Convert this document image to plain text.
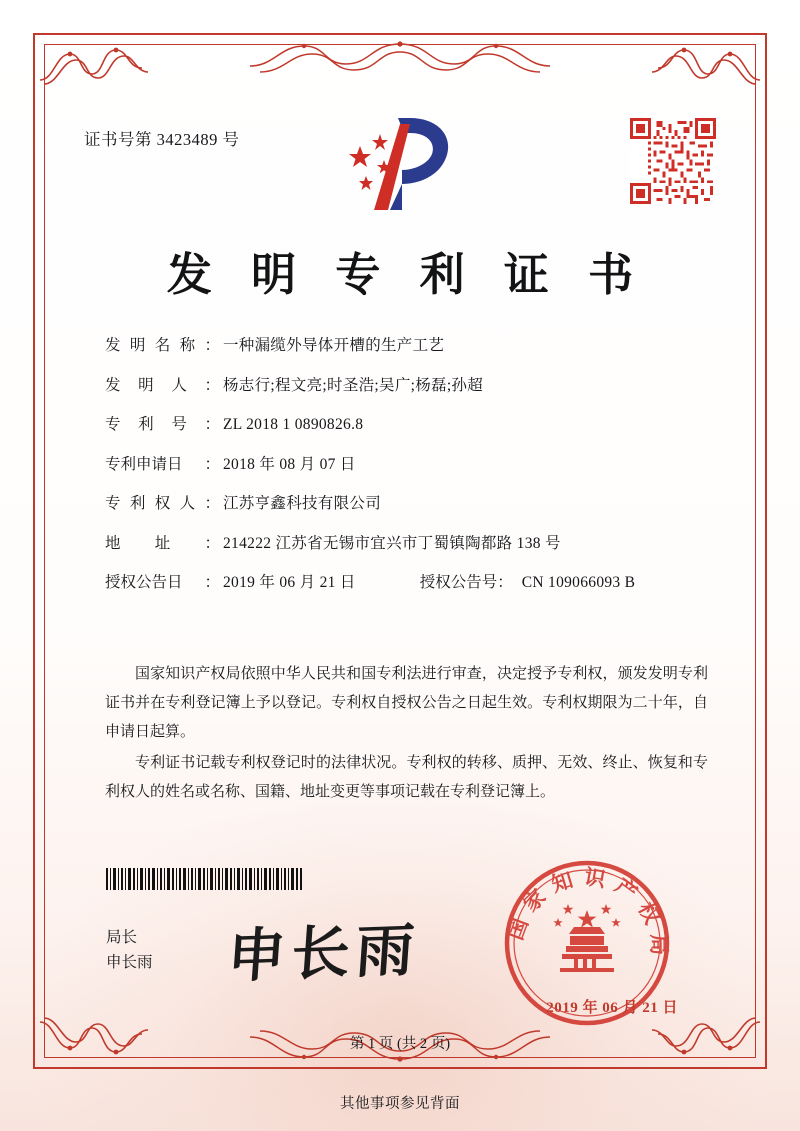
证书号第 3423489 号
发 明 专 利 证 书
发 明 名 称 ： 一种漏缆外导体开槽的生产工艺
发 明 人 ： 杨志行;程文亮;时圣浩;吴广;杨磊;孙超
专 利 号 ： ZL 2018 1 0890826.8
专利申请日 ： 2018 年 08 月 07 日
专 利 权 人 ： 江苏亨鑫科技有限公司
地 址 ： 214222 江苏省无锡市宜兴市丁蜀镇陶都路 138 号
授权公告日 ： 2019 年 06 月 21 日	授权公告号： CN 109066093 B

国家知识产权局依照中华人民共和国专利法进行审查，决定授予专利权，颁发发明专利证书并在专利登记簿上予以登记。专利权自授权公告之日起生效。专利权期限为二十年，自申请日起算。

专利证书记载专利权登记时的法律状况。专利权的转移、质押、无效、终止、恢复和专利权人的姓名或名称、国籍、地址变更等事项记载在专利登记簿上。

局长
申长雨 申长雨	国家知识产权局
2019 年 06 月 21 日
第 1 页 (共 2 页)
其他事项参见背面
